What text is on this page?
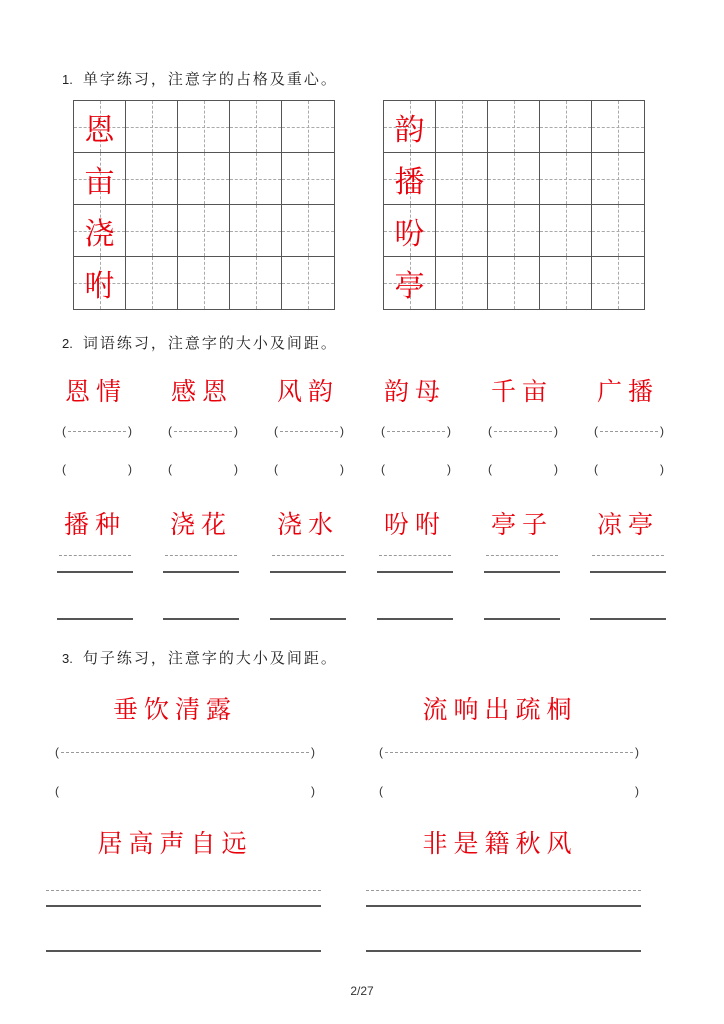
1. 单字练习，注意字的占格及重心。
恩
亩
浇
咐
韵
播
吩
亭
2. 词语练习，注意字的大小及间距。
恩情
(	)
(	)
感恩
(	)
(	)
风韵
(	)
(	)
韵母
(	)
(	)
千亩
(	)
(	)
广播
(	)
(	)
播种	浇花	浇水	吩咐	亭子	凉亭
3. 句子练习，注意字的大小及间距。
垂饮清露	流响出疏桐
(	)
(	)
(	)
(	)
居高声自远	非是籍秋风
2/27
